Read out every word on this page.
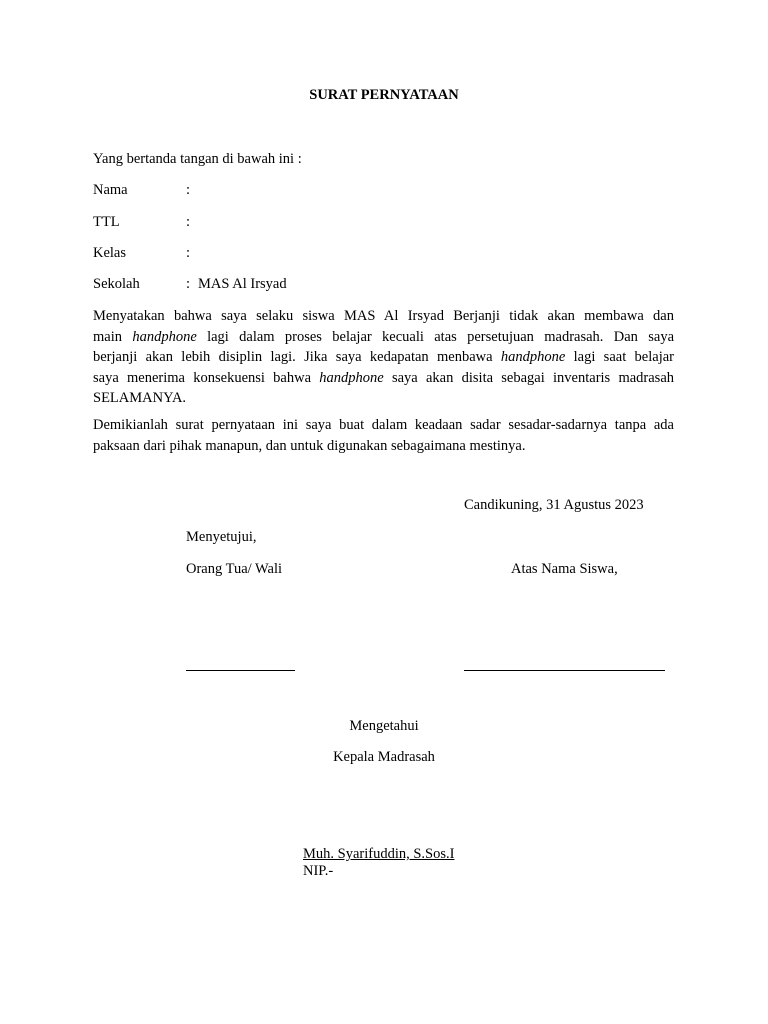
SURAT PERNYATAAN
Yang bertanda tangan di bawah ini :
Nama	:
TTL	:
Kelas	:
Sekolah	: MAS Al Irsyad
Menyatakan bahwa saya selaku siswa MAS Al Irsyad Berjanji tidak akan membawa dan
main handphone lagi dalam proses belajar kecuali atas persetujuan madrasah. Dan saya
berjanji akan lebih disiplin lagi. Jika saya kedapatan menbawa handphone lagi saat belajar
saya menerima konsekuensi bahwa handphone saya akan disita sebagai inventaris madrasah
SELAMANYA.
Demikianlah surat pernyataan ini saya buat dalam keadaan sadar sesadar-sadarnya tanpa ada
paksaan dari pihak manapun, dan untuk digunakan sebagaimana mestinya.
Candikuning, 31 Agustus 2023
Menyetujui,
Orang Tua/ Wali	Atas Nama Siswa,
Mengetahui
Kepala Madrasah
Muh. Syarifuddin, S.Sos.I
NIP.-
